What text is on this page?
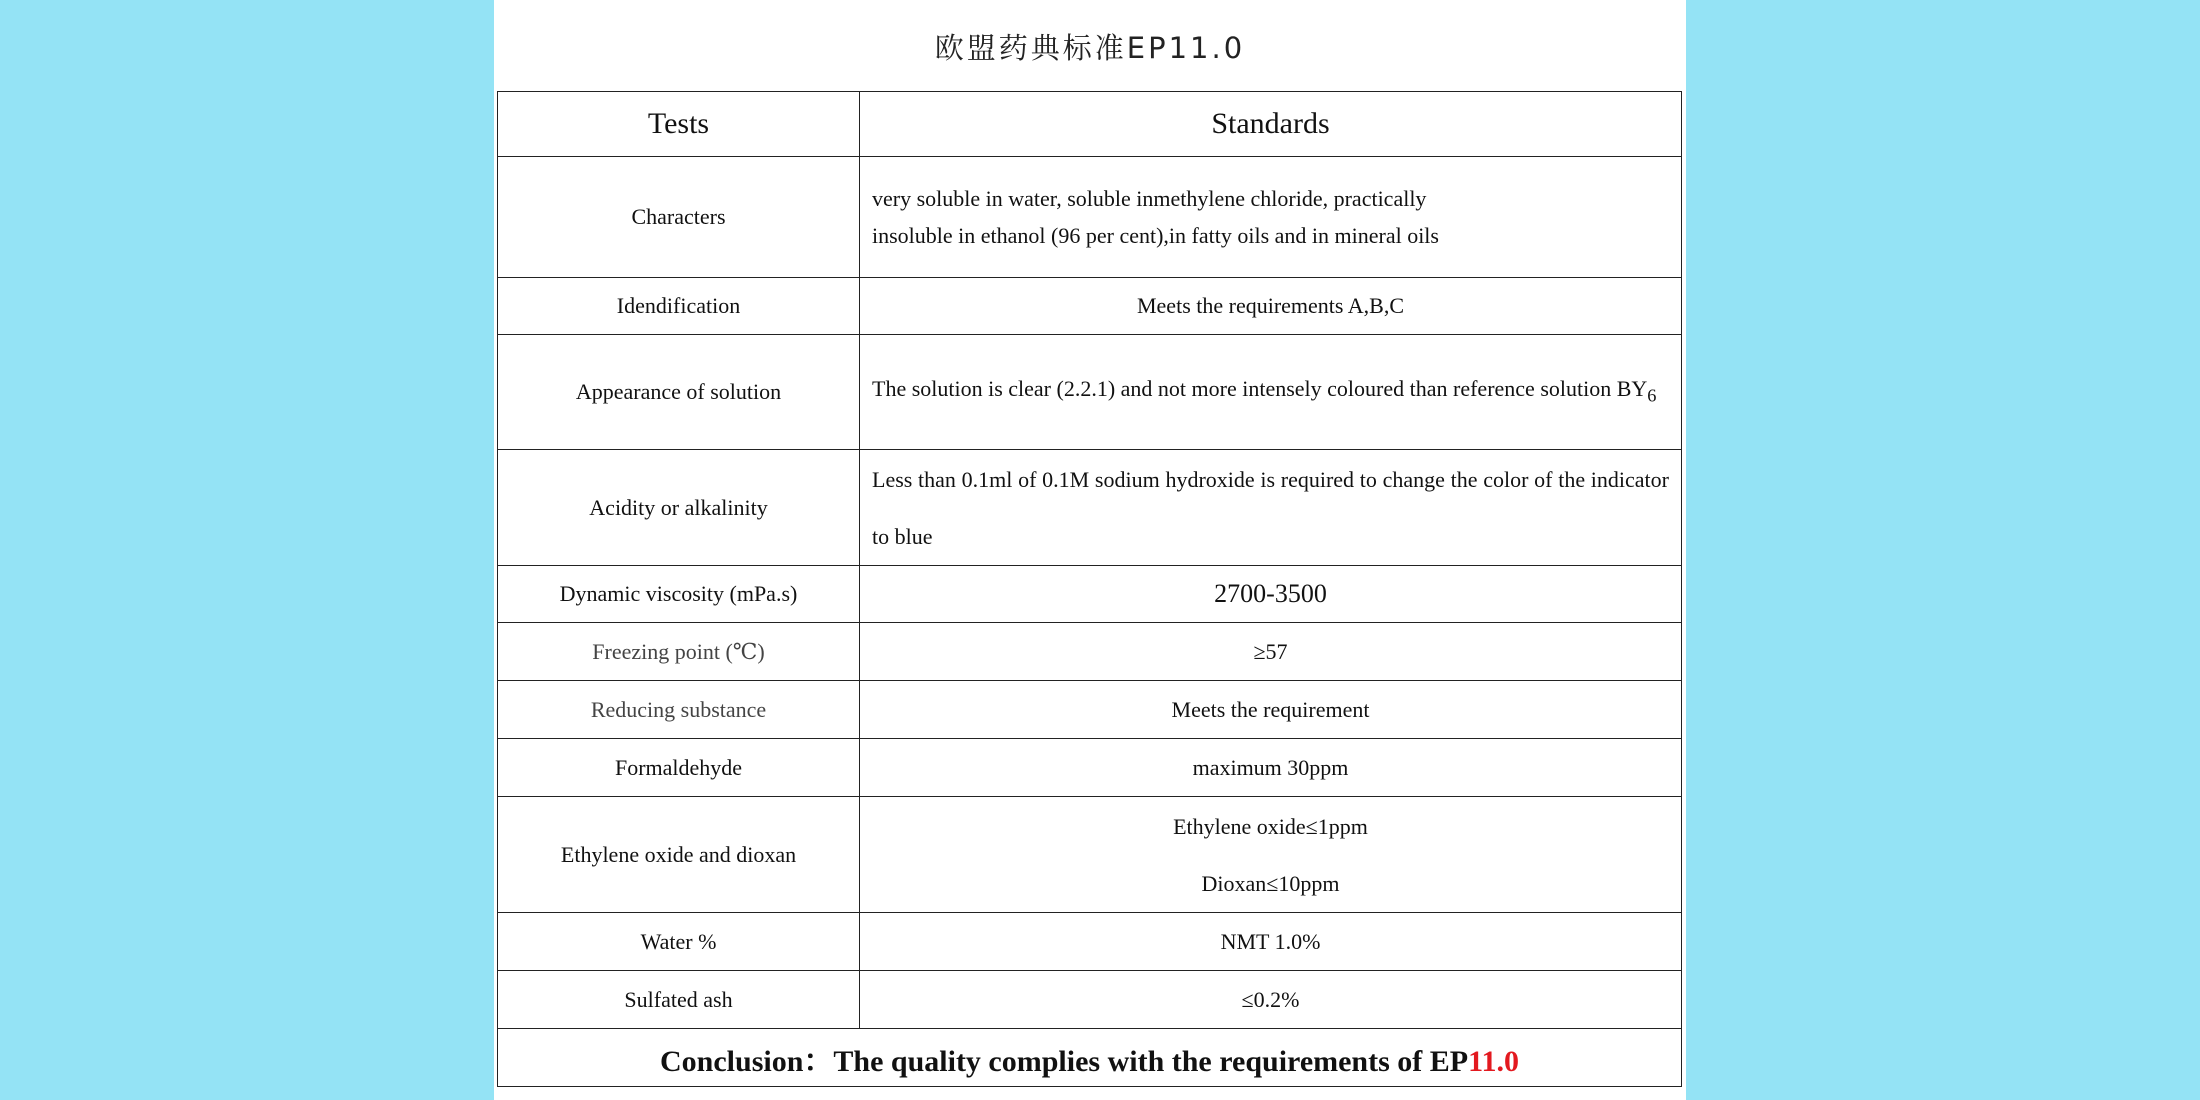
欧盟药典标准EP11.0
Tests	Standards
Characters	very soluble in water, soluble inmethylene chloride, practically
insoluble in ethanol (96 per cent),in fatty oils and in mineral oils

Idendification	Meets the requirements A,B,C
Appearance of solution	The solution is clear (2.2.1) and not more intensely coloured than reference solution $BY_6$
Acidity or alkalinity	Less than 0.1ml of 0.1M sodium hydroxide is required to change the color of the indicator to blue
Dynamic viscosity (mPa.s)	2700-3500
Freezing point (℃)	≥57
Reducing substance	Meets the requirement
Formaldehyde	maximum 30ppm
Ethylene oxide and dioxan	Ethylene oxide≤1ppm
Dioxan≤10ppm

Water %	NMT 1.0%
Sulfated ash	≤0.2%
Conclusion：The quality complies with the requirements of EP11.0	
